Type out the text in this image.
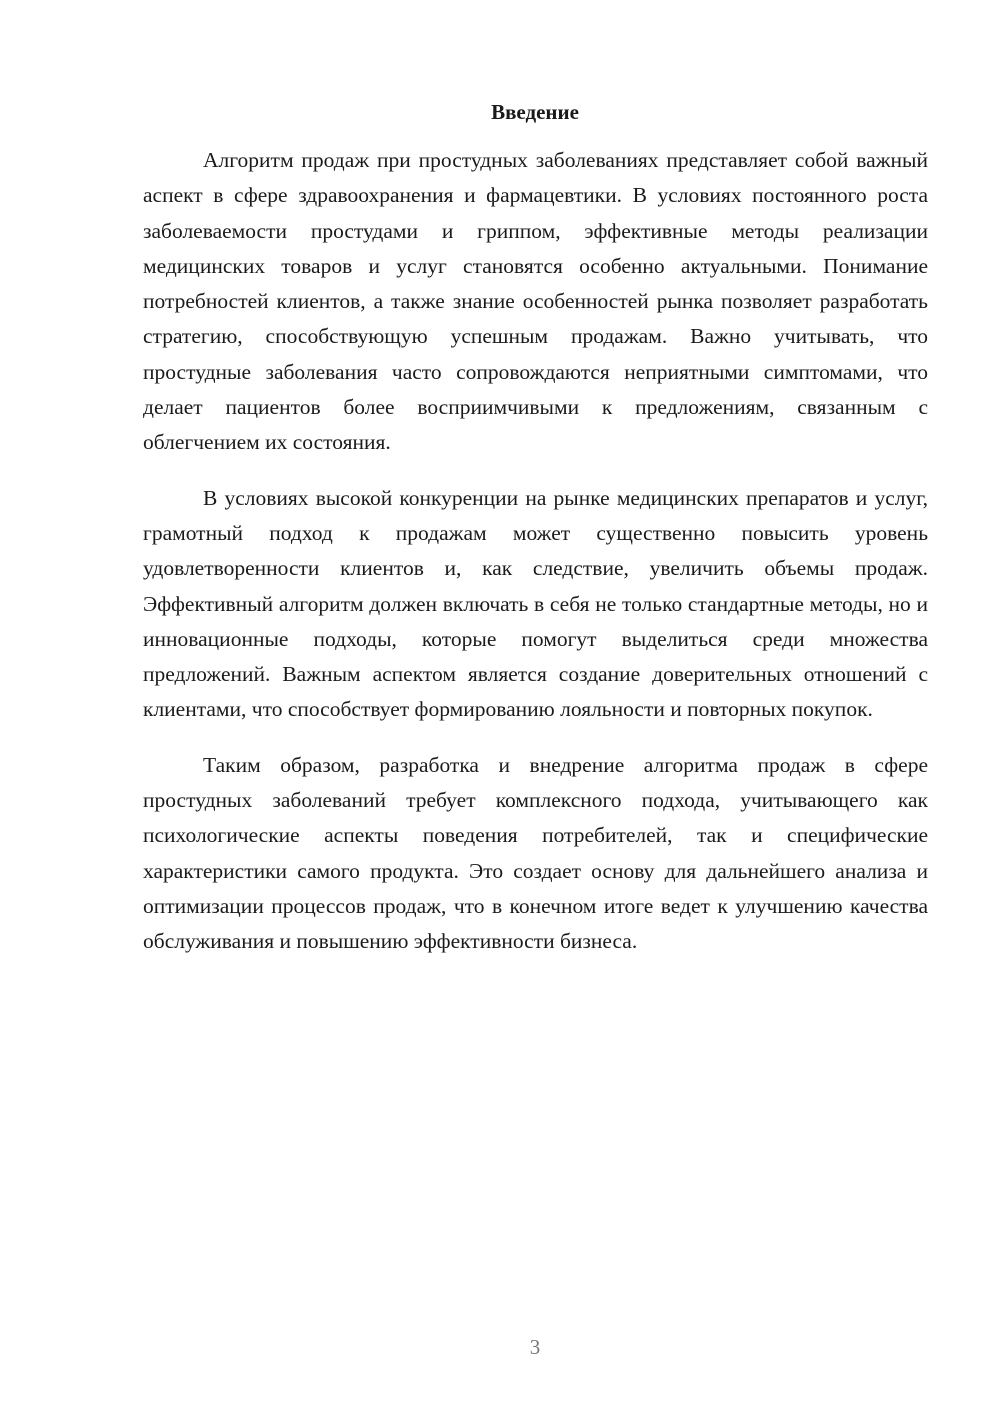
Введение

Алгоритм продаж при простудных заболеваниях представляет собой важный аспект в сфере здравоохранения и фармацевтики. В условиях постоянного роста заболеваемости простудами и гриппом, эффективные методы реализации медицинских товаров и услуг становятся особенно актуальными. Понимание потребностей клиентов, а также знание особенностей рынка позволяет разработать стратегию, способствующую успешным продажам. Важно учитывать, что простудные заболевания часто сопровождаются неприятными симптомами, что делает пациентов более восприимчивыми к предложениям, связанным с облегчением их состояния.

В условиях высокой конкуренции на рынке медицинских препаратов и услуг, грамотный подход к продажам может существенно повысить уровень удовлетворенности клиентов и, как следствие, увеличить объемы продаж. Эффективный алгоритм должен включать в себя не только стандартные методы, но и инновационные подходы, которые помогут выделиться среди множества предложений. Важным аспектом является создание доверительных отношений с клиентами, что способствует формированию лояльности и повторных покупок.

Таким образом, разработка и внедрение алгоритма продаж в сфере простудных заболеваний требует комплексного подхода, учитывающего как психологические аспекты поведения потребителей, так и специфические характеристики самого продукта. Это создает основу для дальнейшего анализа и оптимизации процессов продаж, что в конечном итоге ведет к улучшению качества обслуживания и повышению эффективности бизнеса.

3
